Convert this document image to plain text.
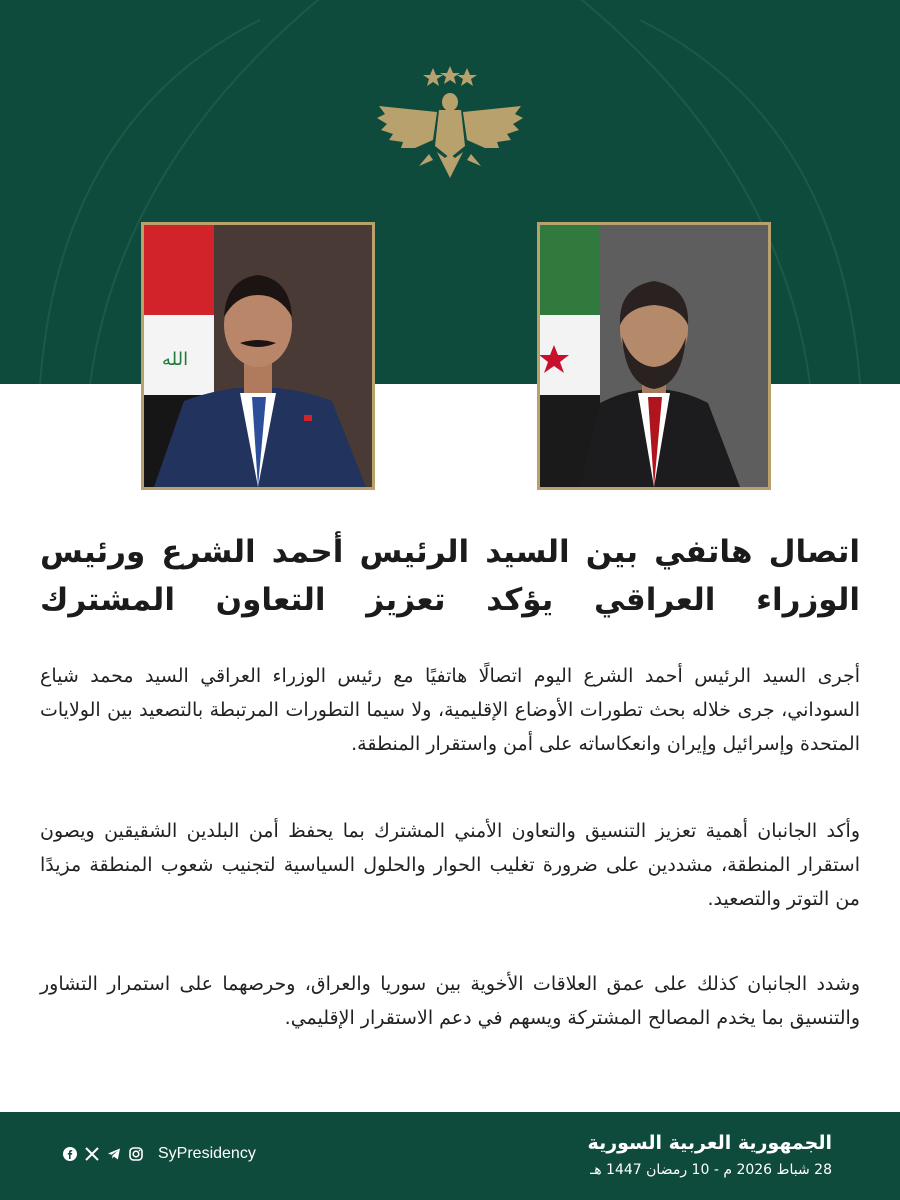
الله
اتصال هاتفي بين السيد الرئيس أحمد الشرع ورئيس
الوزراء العراقي يؤكد تعزيز التعاون المشترك

أجرى السيد الرئيس أحمد الشرع اليوم اتصالًا هاتفيًا مع رئيس الوزراء العراقي السيد محمد شياع السوداني، جرى خلاله بحث تطورات الأوضاع الإقليمية، ولا سيما التطورات المرتبطة بالتصعيد بين الولايات المتحدة وإسرائيل وإيران وانعكاساته على أمن واستقرار المنطقة.

وأكد الجانبان أهمية تعزيز التنسيق والتعاون الأمني المشترك بما يحفظ أمن البلدين الشقيقين ويصون استقرار المنطقة، مشددين على ضرورة تغليب الحوار والحلول السياسية لتجنيب شعوب المنطقة مزيدًا من التوتر والتصعيد.

وشدد الجانبان كذلك على عمق العلاقات الأخوية بين سوريا والعراق، وحرصهما على استمرار التشاور والتنسيق بما يخدم المصالح المشتركة ويسهم في دعم الاستقرار الإقليمي.

الجمهورية العربية السورية
28 شباط 2026 م - 10 رمضان 1447 هـ
SyPresidency
